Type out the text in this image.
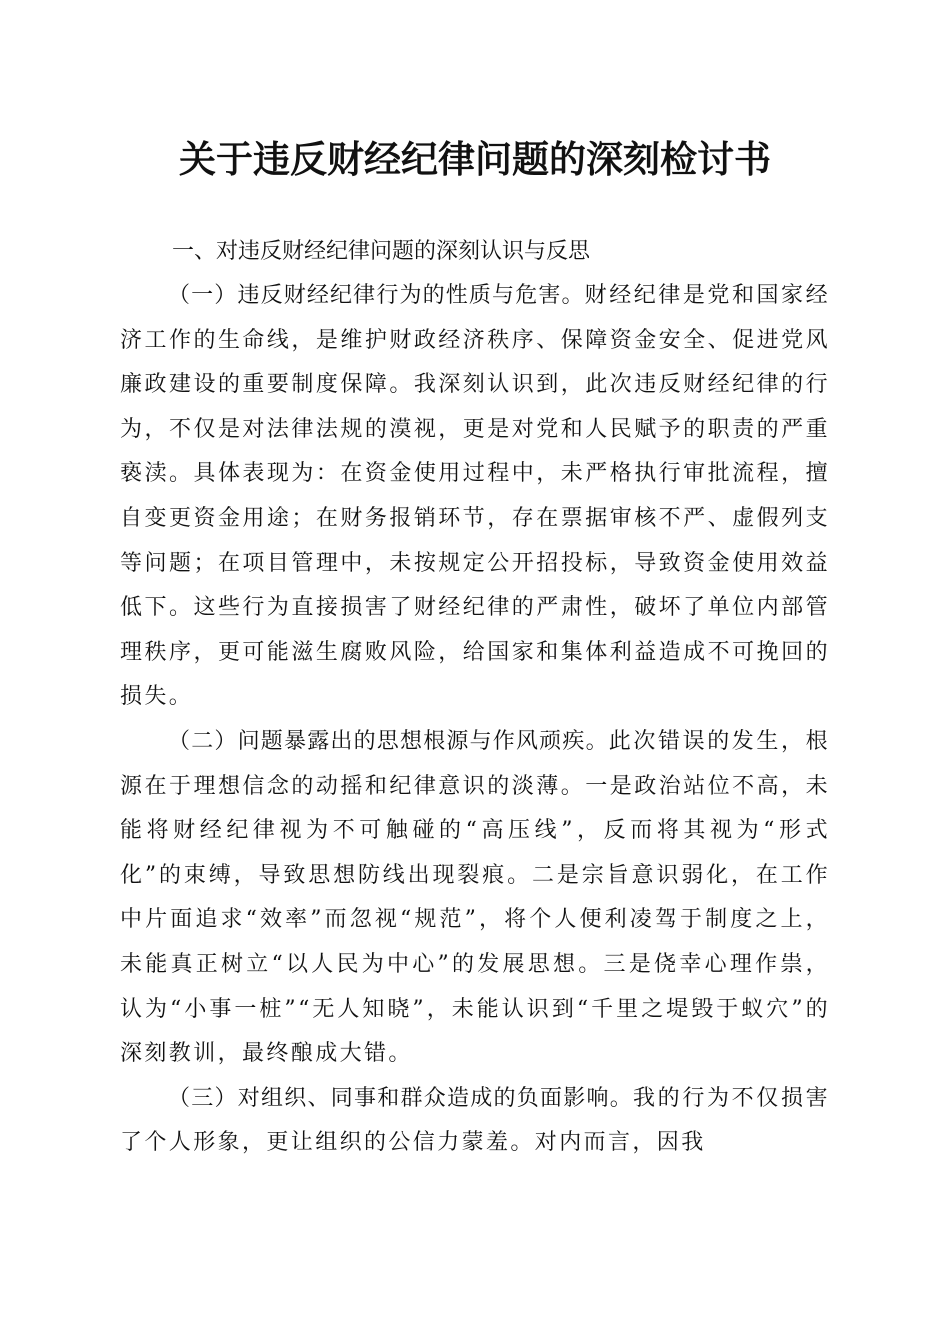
关于违反财经纪律问题的深刻检讨书

一、对违反财经纪律问题的深刻认识与反思

（一）违反财经纪律行为的性质与危害。财经纪律是党和国家经济工作的生命线，是维护财政经济秩序、保障资金安全、促进党风廉政建设的重要制度保障。我深刻认识到，此次违反财经纪律的行为，不仅是对法律法规的漠视，更是对党和人民赋予的职责的严重亵渎。具体表现为：在资金使用过程中，未严格执行审批流程，擅自变更资金用途；在财务报销环节，存在票据审核不严、虚假列支等问题；在项目管理中，未按规定公开招投标，导致资金使用效益低下。这些行为直接损害了财经纪律的严肃性，破坏了单位内部管理秩序，更可能滋生腐败风险，给国家和集体利益造成不可挽回的损失。

（二）问题暴露出的思想根源与作风顽疾。此次错误的发生，根源在于理想信念的动摇和纪律意识的淡薄。一是政治站位不高，未能将财经纪律视为不可触碰的“高压线”，反而将其视为“形式化”的束缚，导致思想防线出现裂痕。二是宗旨意识弱化，在工作中片面追求“效率”而忽视“规范”，将个人便利凌驾于制度之上，未能真正树立“以人民为中心”的发展思想。三是侥幸心理作祟，认为“小事一桩”“无人知晓”，未能认识到“千里之堤毁于蚁穴”的深刻教训，最终酿成大错。

（三）对组织、同事和群众造成的负面影响。我的行为不仅损害了个人形象，更让组织的公信力蒙羞。对内而言，因我
